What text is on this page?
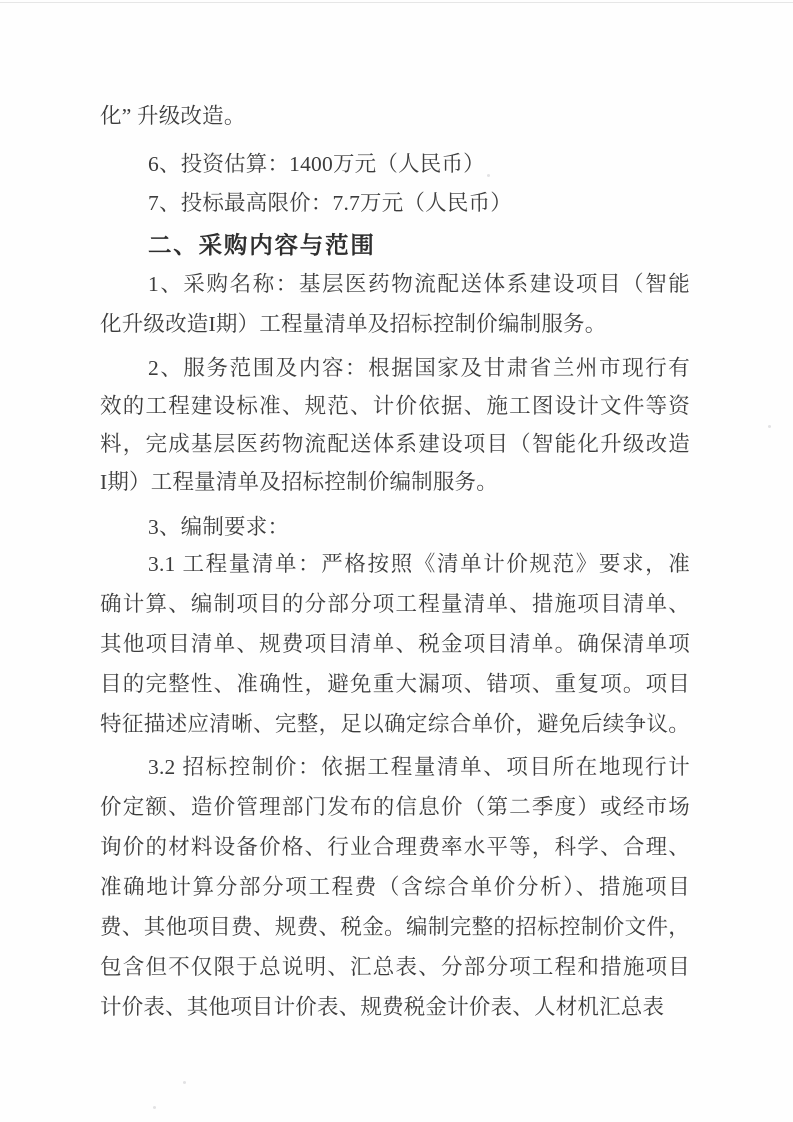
化” 升级改造。
6、投资估算：1400万元（人民币）
7、投标最高限价：7.7万元（人民币）
二、采购内容与范围
1、采购名称：基层医药物流配送体系建设项目（智能
化升级改造I期）工程量清单及招标控制价编制服务。
2、服务范围及内容：根据国家及甘肃省兰州市现行有
效的工程建设标准、规范、计价依据、施工图设计文件等资
料，完成基层医药物流配送体系建设项目（智能化升级改造
I期）工程量清单及招标控制价编制服务。
3、编制要求：
3.1 工程量清单：严格按照《清单计价规范》要求，准
确计算、编制项目的分部分项工程量清单、措施项目清单、
其他项目清单、规费项目清单、税金项目清单。确保清单项
目的完整性、准确性，避免重大漏项、错项、重复项。项目
特征描述应清晰、完整，足以确定综合单价，避免后续争议。
3.2 招标控制价：依据工程量清单、项目所在地现行计
价定额、造价管理部门发布的信息价（第二季度）或经市场
询价的材料设备价格、行业合理费率水平等，科学、合理、
准确地计算分部分项工程费（含综合单价分析）、措施项目
费、其他项目费、规费、税金。编制完整的招标控制价文件，
包含但不仅限于总说明、汇总表、分部分项工程和措施项目
计价表、其他项目计价表、规费税金计价表、人材机汇总表
